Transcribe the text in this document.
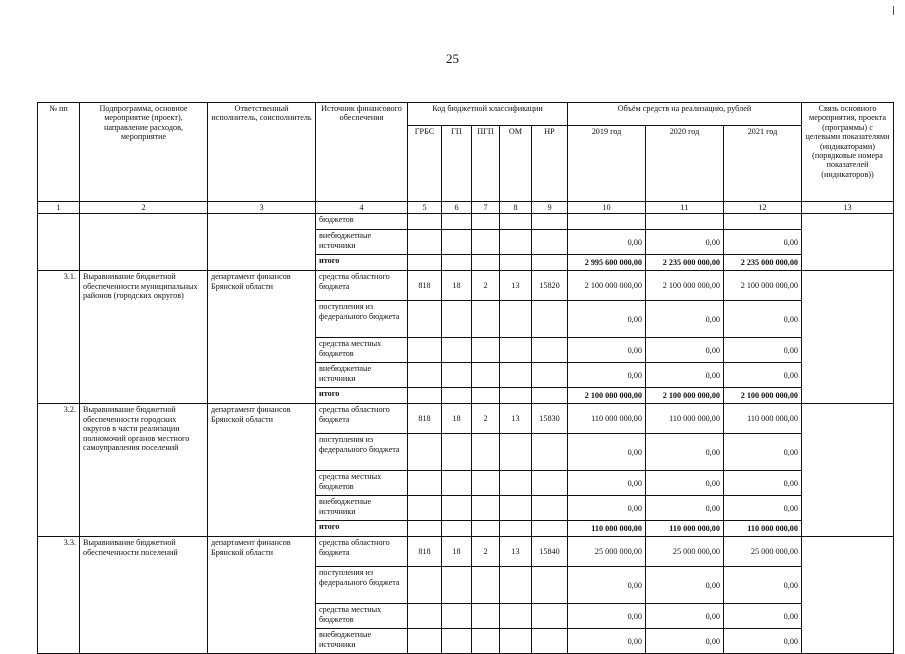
25
№ пп	Подпрограмма, основное мероприятие (проект), направление расходов, мероприятие	Ответственный исполнитель, соисполнитель	Источник финансового обеспечения	Код бюджетной классификации					Объём средств на реализацию, рублей			Связь основного мероприятия, проекта (программы) с целевыми показателями (индикаторами) (порядковые номера показателей (индикаторов))
				ГРБС	ГП	ПГП	ОМ	НР	2019 год	2020 год	2021 год	
1	2	3	4	5	6	7	8	9	10	11	12	13
			бюджетов									
			внебюджетные источники						0,00	0,00	0,00	
			итого						2 995 600 000,00	2 235 000 000,00	2 235 000 000,00	
3.1.	Выравнивание бюджетной обеспеченности муниципальных районов (городских округов)	департамент финансов Брянской области	средства областного бюджета	818	18	2	13	15820	2 100 000 000,00	2 100 000 000,00	2 100 000 000,00	
			поступления из федерального бюджета						0,00	0,00	0,00	
			средства местных бюджетов						0,00	0,00	0,00	
			внебюджетные источники						0,00	0,00	0,00	
			итого						2 100 000 000,00	2 100 000 000,00	2 100 000 000,00	
3.2.	Выравнивание бюджетной обеспеченности городских округов в части реализации полномочий органов местного самоуправления поселений	департамент финансов Брянской области	средства областного бюджета	818	18	2	13	15830	110 000 000,00	110 000 000,00	110 000 000,00	
			поступления из федерального бюджета						0,00	0,00	0,00	
			средства местных бюджетов						0,00	0,00	0,00	
			внебюджетные источники						0,00	0,00	0,00	
			итого						110 000 000,00	110 000 000,00	110 000 000,00	
3.3.	Выравнивание бюджетной обеспеченности поселений	департамент финансов Брянской области	средства областного бюджета	818	18	2	13	15840	25 000 000,00	25 000 000,00	25 000 000,00	
			поступления из федерального бюджета						0,00	0,00	0,00	
			средства местных бюджетов						0,00	0,00	0,00	
			внебюджетные источники						0,00	0,00	0,00	
